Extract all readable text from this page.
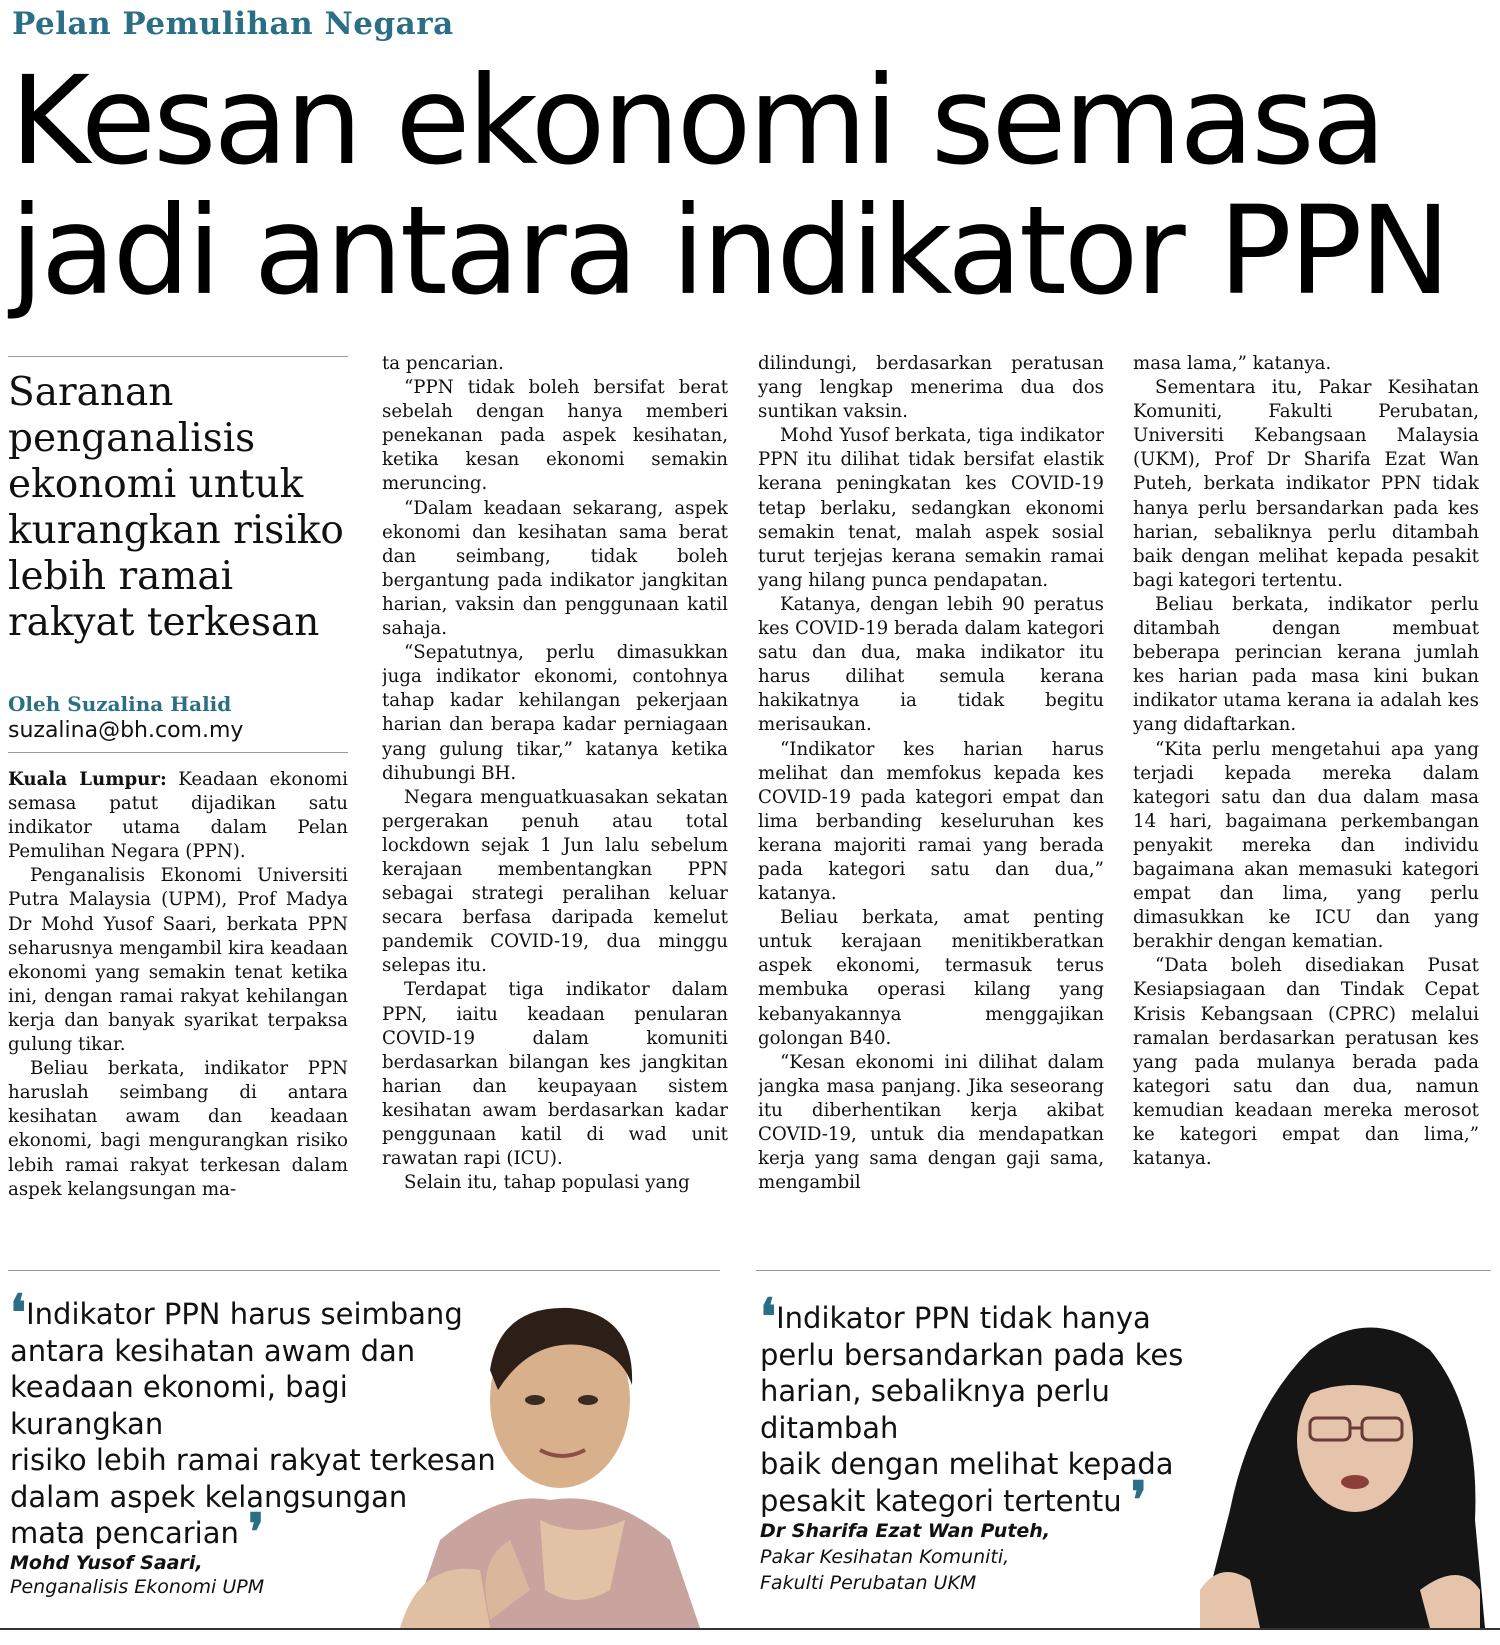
Pelan Pemulihan Negara
Kesan ekonomi semasa jadi antara indikator PPN
Saranan penganalisis ekonomi untuk kurangkan risiko lebih ramai rakyat terkesan
Oleh Suzalina Halid
suzalina@bh.com.my

Kuala Lumpur: Keadaan ekonomi semasa patut dijadikan satu indikator utama dalam Pelan Pemulihan Negara (PPN).

Penganalisis Ekonomi Universiti Putra Malaysia (UPM), Prof Madya Dr Mohd Yusof Saari, berkata PPN seharusnya mengambil kira keadaan ekonomi yang semakin tenat ketika ini, dengan ramai rakyat kehilangan kerja dan banyak syarikat terpaksa gulung tikar.

Beliau berkata, indikator PPN haruslah seimbang di antara kesihatan awam dan keadaan ekonomi, bagi mengurangkan risiko lebih ramai rakyat terkesan dalam aspek kelangsungan ma-

ta pencarian.

“PPN tidak boleh bersifat berat sebelah dengan hanya memberi penekanan pada aspek kesihatan, ketika kesan ekonomi semakin meruncing.

“Dalam keadaan sekarang, aspek ekonomi dan kesihatan sama berat dan seimbang, tidak boleh bergantung pada indikator jangkitan harian, vaksin dan penggunaan katil sahaja.

“Sepatutnya, perlu dimasukkan juga indikator ekonomi, contohnya tahap kadar kehilangan pekerjaan harian dan berapa kadar perniagaan yang gulung tikar,” katanya ketika dihubungi BH.

Negara menguatkuasakan sekatan pergerakan penuh atau total lockdown sejak 1 Jun lalu sebelum kerajaan membentangkan PPN sebagai strategi peralihan keluar secara berfasa daripada kemelut pandemik COVID-19, dua minggu selepas itu.

Terdapat tiga indikator dalam PPN, iaitu keadaan penularan COVID-19 dalam komuniti berdasarkan bilangan kes jangkitan harian dan keupayaan sistem kesihatan awam berdasarkan kadar penggunaan katil di wad unit rawatan rapi (ICU).

Selain itu, tahap populasi yang

dilindungi, berdasarkan peratusan yang lengkap menerima dua dos suntikan vaksin.

Mohd Yusof berkata, tiga indikator PPN itu dilihat tidak bersifat elastik kerana peningkatan kes COVID-19 tetap berlaku, sedangkan ekonomi semakin tenat, malah aspek sosial turut terjejas kerana semakin ramai yang hilang punca pendapatan.

Katanya, dengan lebih 90 peratus kes COVID-19 berada dalam kategori satu dan dua, maka indikator itu harus dilihat semula kerana hakikatnya ia tidak begitu merisaukan.

“Indikator kes harian harus melihat dan memfokus kepada kes COVID-19 pada kategori empat dan lima berbanding keseluruhan kes kerana majoriti ramai yang berada pada kategori satu dan dua,” katanya.

Beliau berkata, amat penting untuk kerajaan menitikberatkan aspek ekonomi, termasuk terus membuka operasi kilang yang kebanyakannya menggajikan golongan B40.

“Kesan ekonomi ini dilihat dalam jangka masa panjang. Jika seseorang itu diberhentikan kerja akibat COVID-19, untuk dia mendapatkan kerja yang sama dengan gaji sama, mengambil

masa lama,” katanya.

Sementara itu, Pakar Kesihatan Komuniti, Fakulti Perubatan, Universiti Kebangsaan Malaysia (UKM), Prof Dr Sharifa Ezat Wan Puteh, berkata indikator PPN tidak hanya perlu bersandarkan pada kes harian, sebaliknya perlu ditambah baik dengan melihat kepada pesakit bagi kategori tertentu.

Beliau berkata, indikator perlu ditambah dengan membuat beberapa perincian kerana jumlah kes harian pada masa kini bukan indikator utama kerana ia adalah kes yang didaftarkan.

“Kita perlu mengetahui apa yang terjadi kepada mereka dalam kategori satu dan dua dalam masa 14 hari, bagaimana perkembangan penyakit mereka dan individu bagaimana akan memasuki kategori empat dan lima, yang perlu dimasukkan ke ICU dan yang berakhir dengan kematian.

“Data boleh disediakan Pusat Kesiapsiagaan dan Tindak Cepat Krisis Kebangsaan (CPRC) melalui ramalan berdasarkan peratusan kes yang pada mulanya berada pada kategori satu dan dua, namun kemudian keadaan mereka merosot ke kategori empat dan lima,” katanya.

❛Indikator PPN harus seimbang
antara kesihatan awam dan
keadaan ekonomi, bagi kurangkan
risiko lebih ramai rakyat terkesan
dalam aspek kelangsungan
mata pencarian ❜
Mohd Yusof Saari,
Penganalisis Ekonomi UPM
❛Indikator PPN tidak hanya
perlu bersandarkan pada kes
harian, sebaliknya perlu ditambah
baik dengan melihat kepada
pesakit kategori tertentu ❜
Dr Sharifa Ezat Wan Puteh,
Pakar Kesihatan Komuniti,
Fakulti Perubatan UKM
